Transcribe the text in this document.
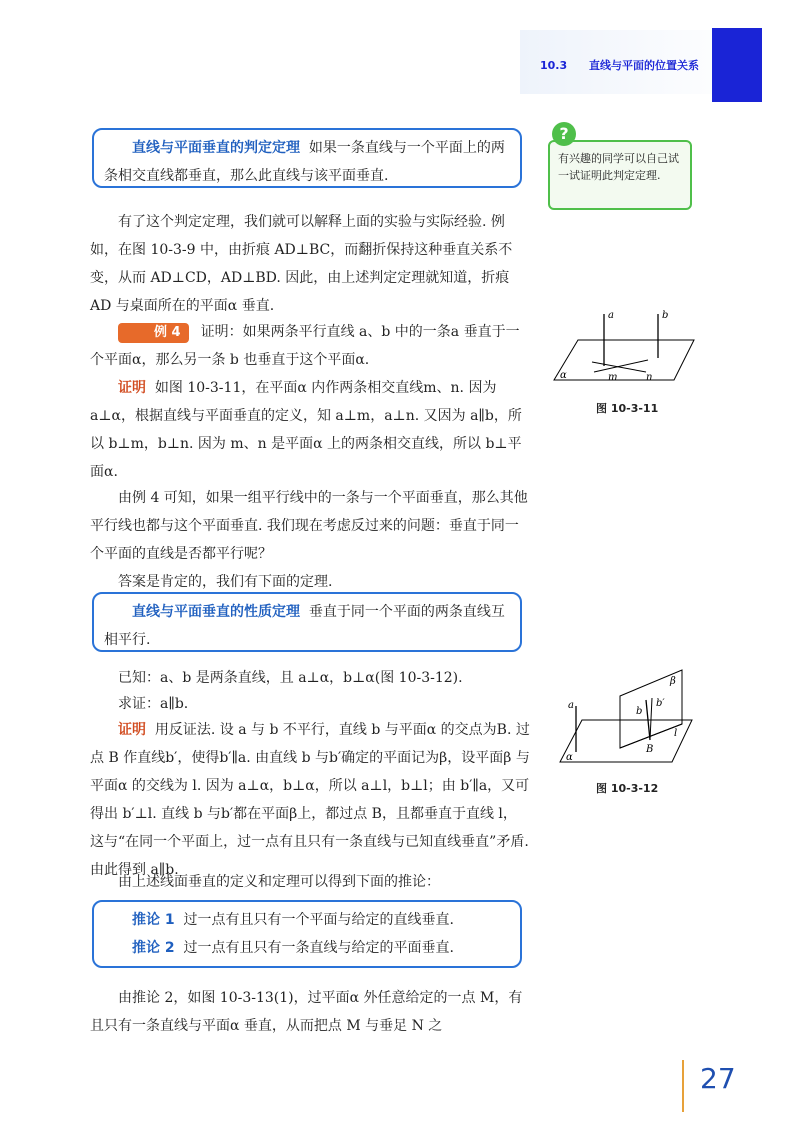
10.3 直线与平面的位置关系

直线与平面垂直的判定定理 如果一条直线与一个平面上的两条相交直线都垂直，那么此直线与该平面垂直.

有兴趣的同学可以自己试一试证明此判定定理.
?

有了这个判定定理，我们就可以解释上面的实验与实际经验. 例如，在图 10-3-9 中，由折痕 AD⊥BC，而翻折保持这种垂直关系不变，从而 AD⊥CD，AD⊥BD. 因此，由上述判定定理就知道，折痕 AD 与桌面所在的平面α 垂直.

例 4 证明：如果两条平行直线 a、b 中的一条a 垂直于一个平面α，那么另一条 b 也垂直于这个平面α.

证明 如图 10-3-11，在平面α 内作两条相交直线m、n. 因为 a⊥α，根据直线与平面垂直的定义，知 a⊥m，a⊥n. 又因为 a∥b，所以 b⊥m，b⊥n. 因为 m、n 是平面α 上的两条相交直线，所以 b⊥平面α.

由例 4 可知，如果一组平行线中的一条与一个平面垂直，那么其他平行线也都与这个平面垂直. 我们现在考虑反过来的问题：垂直于同一个平面的直线是否都平行呢？

答案是肯定的，我们有下面的定理.

直线与平面垂直的性质定理 垂直于同一个平面的两条直线互相平行.

已知：a、b 是两条直线，且 a⊥α，b⊥α(图 10-3-12).

求证：a∥b.

证明 用反证法. 设 a 与 b 不平行，直线 b 与平面α 的交点为B. 过点 B 作直线b′，使得b′∥a. 由直线 b 与b′确定的平面记为β，设平面β 与平面α 的交线为 l. 因为 a⊥α，b⊥α，所以 a⊥l，b⊥l；由 b′∥a，又可得出 b′⊥l. 直线 b 与b′都在平面β上，都过点 B，且都垂直于直线 l，这与“在同一个平面上，过一点有且只有一条直线与已知直线垂直”矛盾. 由此得到 a∥b.

由上述线面垂直的定义和定理可以得到下面的推论：

推论 1 过一点有且只有一个平面与给定的直线垂直.

推论 2 过一点有且只有一条直线与给定的平面垂直.

由推论 2，如图 10-3-13(1)，过平面α 外任意给定的一点 M，有且只有一条直线与平面α 垂直，从而把点 M 与垂足 N 之

a	b
α	m	n
图 10-3-11
a
b
b′
β
B
l
α
图 10-3-12
27
